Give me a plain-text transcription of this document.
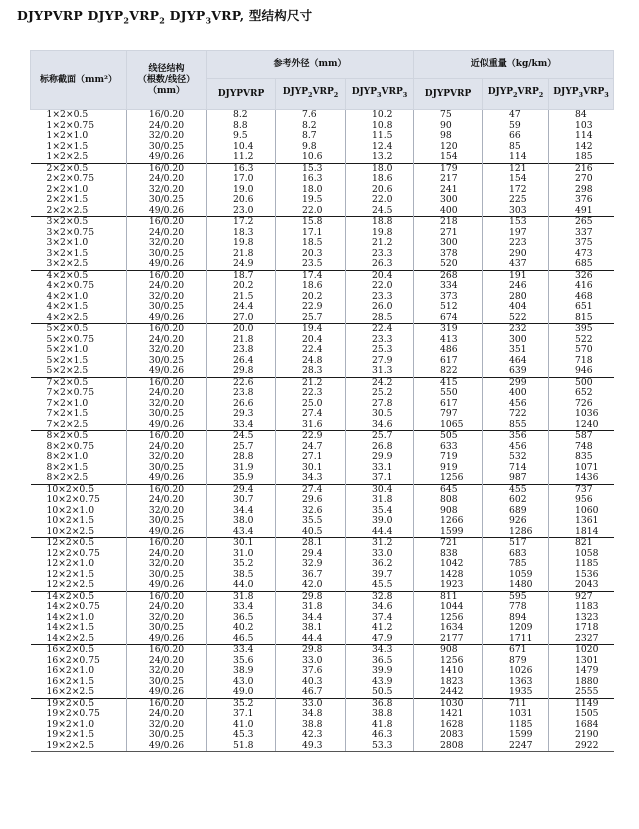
DJYPVRP $DJYP_2VRP_2$ $DJYP_3VRP$, 型结构尺寸
标称截面（mm²）	线径结构
（根数/线径）
（mm）	参考外径（mm）			近似重量（kg/km）		
		DJYPVRP	$DJYP_2VRP_2$	$DJYP_3VRP_3$	DJYPVRP	$DJYP_2VRP_2$	$DJYP_3VRP_3$
1×2×0.5	16/0.20	8.2	7.6	10.2	75	47	84
1×2×0.75	24/0.20	8.8	8.2	10.8	90	59	103
1×2×1.0	32/0.20	9.5	8.7	11.5	98	66	114
1×2×1.5	30/0.25	10.4	9.8	12.4	120	85	142
1×2×2.5	49/0.26	11.2	10.6	13.2	154	114	185
2×2×0.5	16/0.20	16.3	15.3	18.0	179	121	216
2×2×0.75	24/0.20	17.0	16.3	18.6	217	154	270
2×2×1.0	32/0.20	19.0	18.0	20.6	241	172	298
2×2×1.5	30/0.25	20.6	19.5	22.0	300	225	376
2×2×2.5	49/0.26	23.0	22.0	24.5	400	303	491
3×2×0.5	16/0.20	17.2	15.8	18.8	218	153	265
3×2×0.75	24/0.20	18.3	17.1	19.8	271	197	337
3×2×1.0	32/0.20	19.8	18.5	21.2	300	223	375
3×2×1.5	30/0.25	21.8	20.3	23.3	378	290	473
3×2×2.5	49/0.26	24.9	23.5	26.3	520	437	685
4×2×0.5	16/0.20	18.7	17.4	20.4	268	191	326
4×2×0.75	24/0.20	20.2	18.6	22.0	334	246	416
4×2×1.0	32/0.20	21.5	20.2	23.3	373	280	468
4×2×1.5	30/0.25	24.4	22.9	26.0	512	404	651
4×2×2.5	49/0.26	27.0	25.7	28.5	674	522	815
5×2×0.5	16/0.20	20.0	19.4	22.4	319	232	395
5×2×0.75	24/0.20	21.8	20.4	23.3	413	300	522
5×2×1.0	32/0.20	23.8	22.4	25.3	486	351	570
5×2×1.5	30/0.25	26.4	24.8	27.9	617	464	718
5×2×2.5	49/0.26	29.8	28.3	31.3	822	639	946
7×2×0.5	16/0.20	22.6	21.2	24.2	415	299	500
7×2×0.75	24/0.20	23.8	22.3	25.2	550	400	652
7×2×1.0	32/0.20	26.6	25.0	27.8	617	456	726
7×2×1.5	30/0.25	29.3	27.4	30.5	797	722	1036
7×2×2.5	49/0.26	33.4	31.6	34.6	1065	855	1240
8×2×0.5	16/0.20	24.5	22.9	25.7	505	356	587
8×2×0.75	24/0.20	25.7	24.7	26.8	633	456	748
8×2×1.0	32/0.20	28.8	27.1	29.9	719	532	835
8×2×1.5	30/0.25	31.9	30.1	33.1	919	714	1071
8×2×2.5	49/0.26	35.9	34.3	37.1	1256	987	1436
10×2×0.5	16/0.20	29.4	27.4	30.4	645	455	737
10×2×0.75	24/0.20	30.7	29.6	31.8	808	602	956
10×2×1.0	32/0.20	34.4	32.6	35.4	908	689	1060
10×2×1.5	30/0.25	38.0	35.5	39.0	1266	926	1361
10×2×2.5	49/0.26	43.4	40.5	44.4	1599	1286	1814
12×2×0.5	16/0.20	30.1	28.1	31.2	721	517	821
12×2×0.75	24/0.20	31.0	29.4	33.0	838	683	1058
12×2×1.0	32/0.20	35.2	32.9	36.2	1042	785	1185
12×2×1.5	30/0.25	38.5	36.7	39.7	1428	1059	1536
12×2×2.5	49/0.26	44.0	42.0	45.5	1923	1480	2043
14×2×0.5	16/0.20	31.8	29.8	32.8	811	595	927
14×2×0.75	24/0.20	33.4	31.8	34.6	1044	778	1183
14×2×1.0	32/0.20	36.5	34.4	37.4	1256	894	1323
14×2×1.5	30/0.25	40.2	38.1	41.2	1634	1209	1718
14×2×2.5	49/0.26	46.5	44.4	47.9	2177	1711	2327
16×2×0.5	16/0.20	33.4	29.8	34.3	908	671	1020
16×2×0.75	24/0.20	35.6	33.0	36.5	1256	879	1301
16×2×1.0	32/0.20	38.9	37.6	39.9	1410	1026	1479
16×2×1.5	30/0.25	43.0	40.3	43.9	1823	1363	1880
16×2×2.5	49/0.26	49.0	46.7	50.5	2442	1935	2555
19×2×0.5	16/0.20	35.2	33.0	36.8	1030	711	1149
19×2×0.75	24/0.20	37.1	34.8	38.8	1421	1031	1505
19×2×1.0	32/0.20	41.0	38.8	41.8	1628	1185	1684
19×2×1.5	30/0.25	45.3	42.3	46.3	2083	1599	2190
19×2×2.5	49/0.26	51.8	49.3	53.3	2808	2247	2922
